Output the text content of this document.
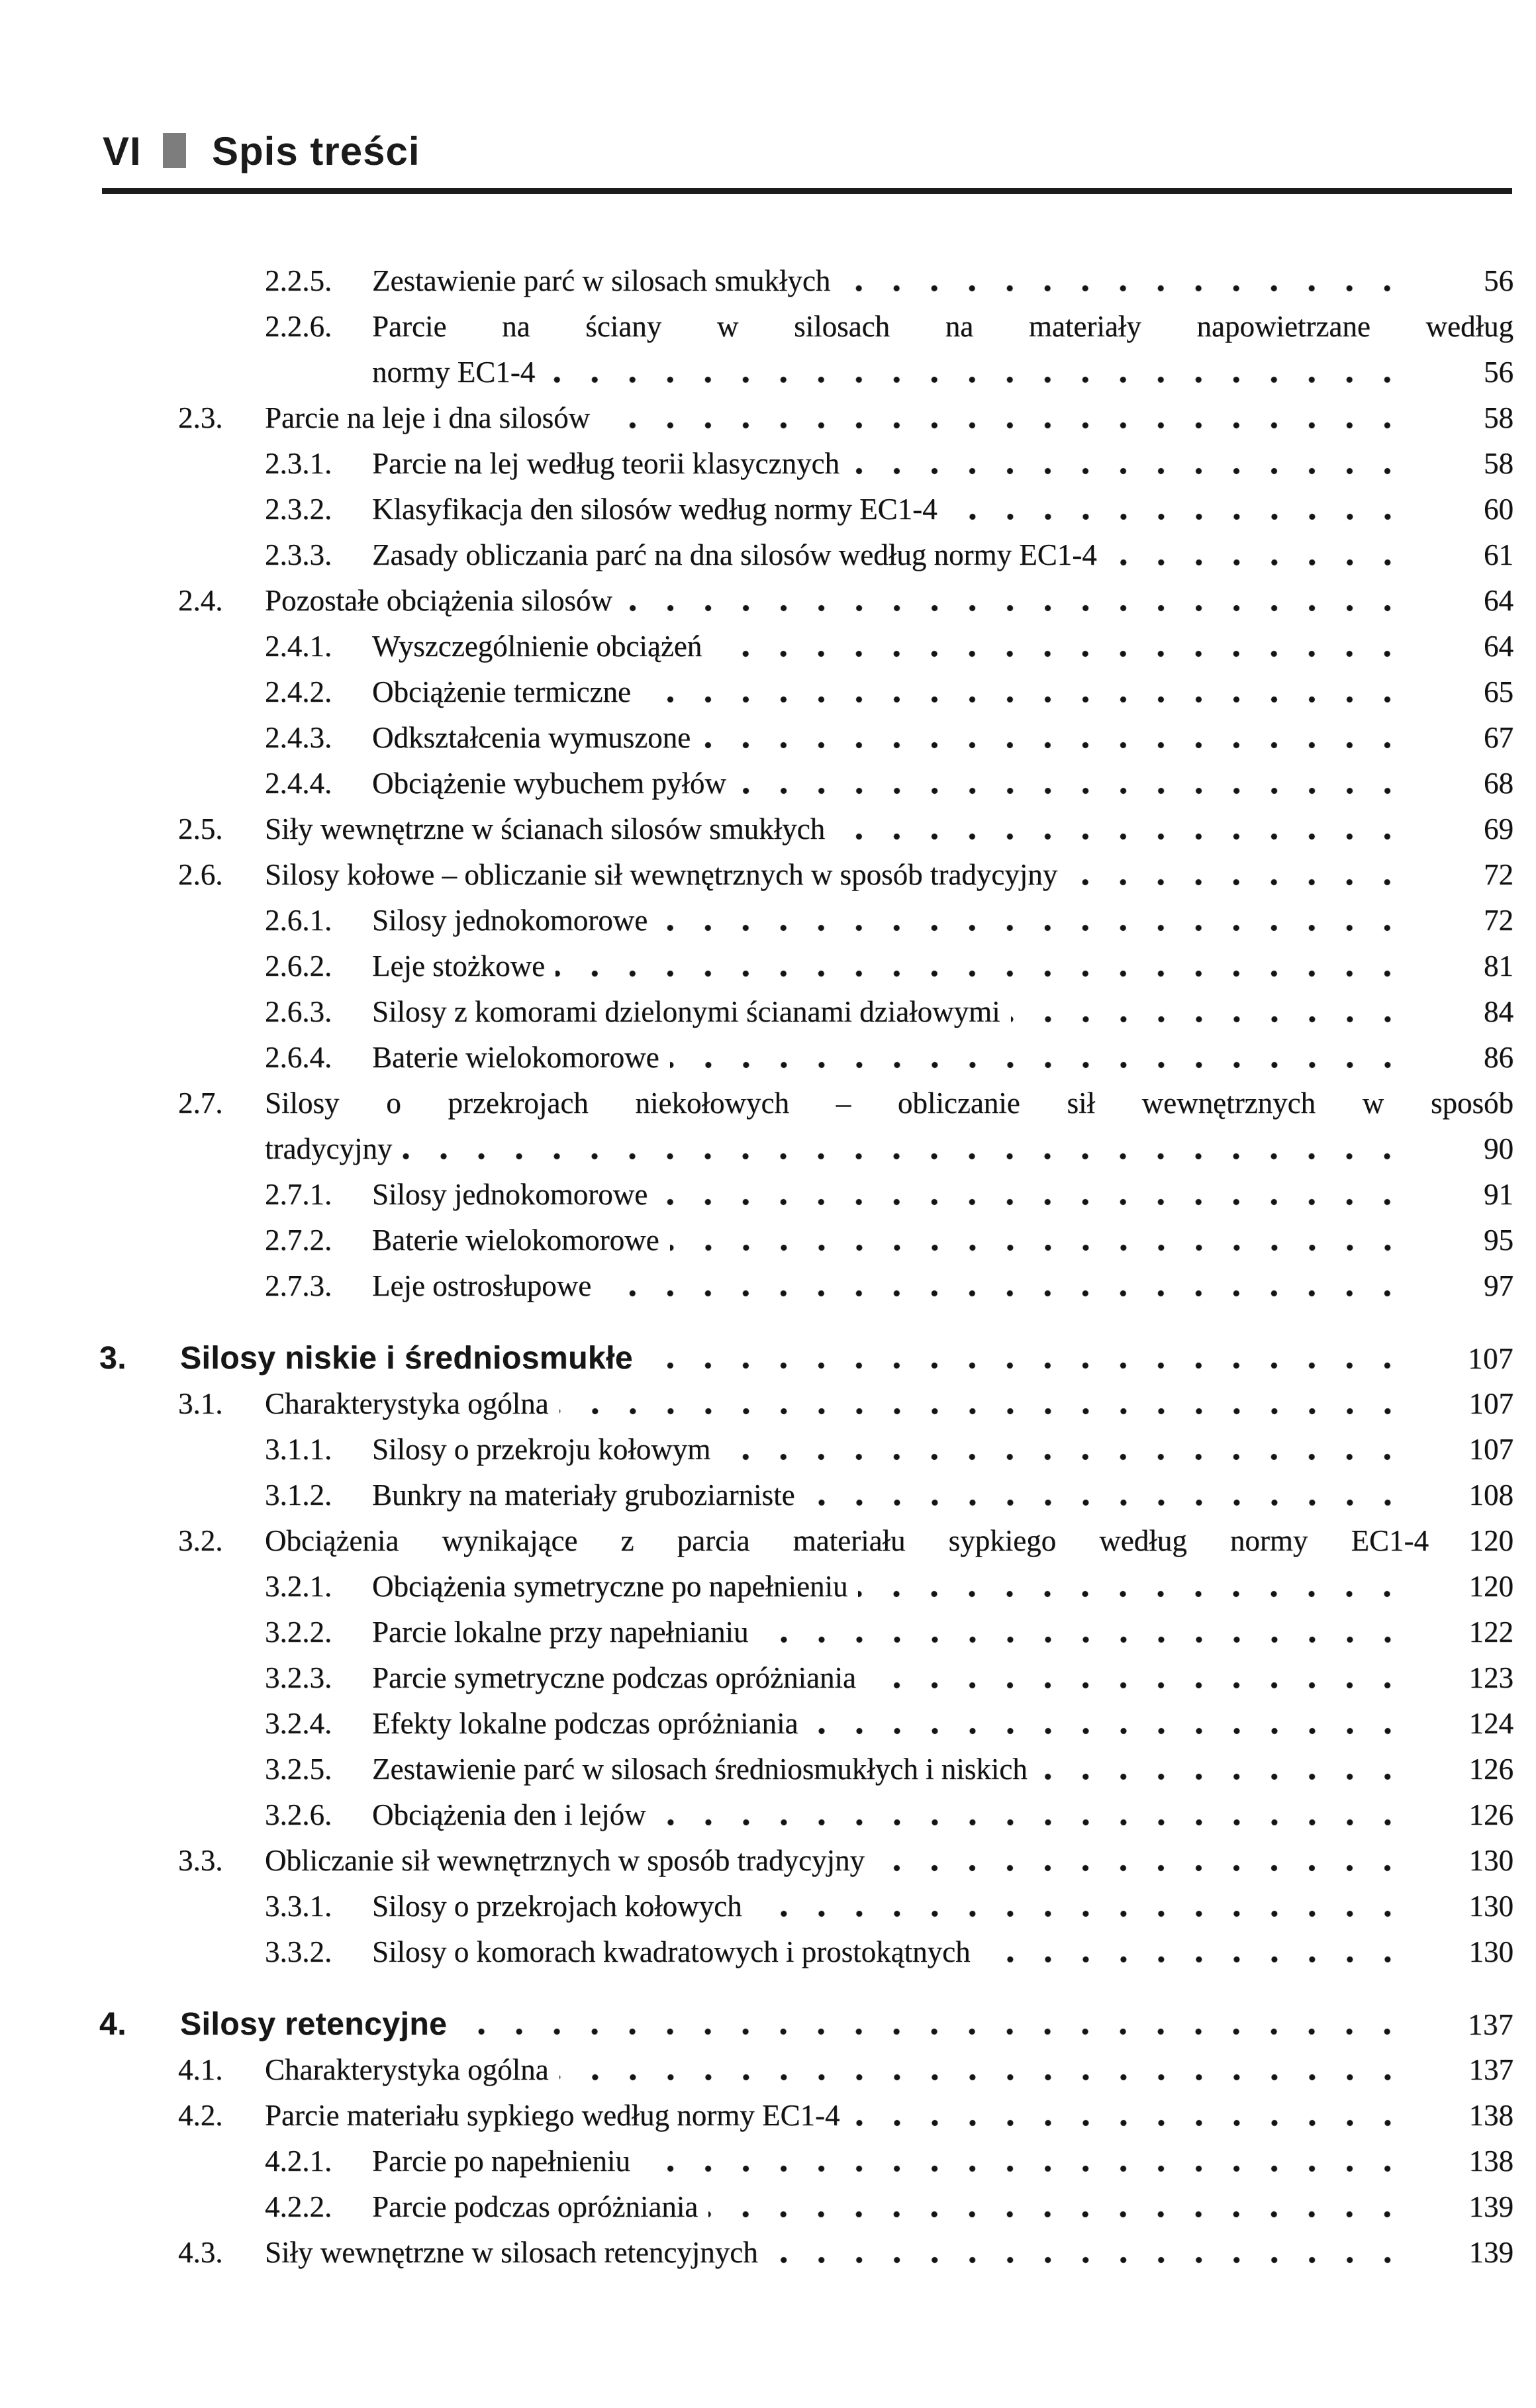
VI Spis treści
2.2.5.	Zestawienie parć w silosach smukłych	56
2.2.6.	Parcie na ściany w silosach na materiały napowietrzane według
normy EC1-4	56
2.3.	Parcie na leje i dna silosów	58
2.3.1.	Parcie na lej według teorii klasycznych	58
2.3.2.	Klasyfikacja den silosów według normy EC1-4	60
2.3.3.	Zasady obliczania parć na dna silosów według normy EC1-4	61
2.4.	Pozostałe obciążenia silosów	64
2.4.1.	Wyszczególnienie obciążeń	64
2.4.2.	Obciążenie termiczne	65
2.4.3.	Odkształcenia wymuszone	67
2.4.4.	Obciążenie wybuchem pyłów	68
2.5.	Siły wewnętrzne w ścianach silosów smukłych	69
2.6.	Silosy kołowe – obliczanie sił wewnętrznych w sposób tradycyjny	72
2.6.1.	Silosy jednokomorowe	72
2.6.2.	Leje stożkowe	81
2.6.3.	Silosy z komorami dzielonymi ścianami działowymi	84
2.6.4.	Baterie wielokomorowe	86
2.7.	Silosy o przekrojach niekołowych – obliczanie sił wewnętrznych w sposób
tradycyjny	90
2.7.1.	Silosy jednokomorowe	91
2.7.2.	Baterie wielokomorowe	95
2.7.3.	Leje ostrosłupowe	97
3.	Silosy niskie i średniosmukłe	107
3.1.	Charakterystyka ogólna	107
3.1.1.	Silosy o przekroju kołowym	107
3.1.2.	Bunkry na materiały gruboziarniste	108
3.2.	Obciążenia wynikające z parcia materiału sypkiego według normy EC1-4	120
3.2.1.	Obciążenia symetryczne po napełnieniu	120
3.2.2.	Parcie lokalne przy napełnianiu	122
3.2.3.	Parcie symetryczne podczas opróżniania	123
3.2.4.	Efekty lokalne podczas opróżniania	124
3.2.5.	Zestawienie parć w silosach średniosmukłych i niskich	126
3.2.6.	Obciążenia den i lejów	126
3.3.	Obliczanie sił wewnętrznych w sposób tradycyjny	130
3.3.1.	Silosy o przekrojach kołowych	130
3.3.2.	Silosy o komorach kwadratowych i prostokątnych	130
4.	Silosy retencyjne	137
4.1.	Charakterystyka ogólna	137
4.2.	Parcie materiału sypkiego według normy EC1-4	138
4.2.1.	Parcie po napełnieniu	138
4.2.2.	Parcie podczas opróżniania	139
4.3.	Siły wewnętrzne w silosach retencyjnych	139
